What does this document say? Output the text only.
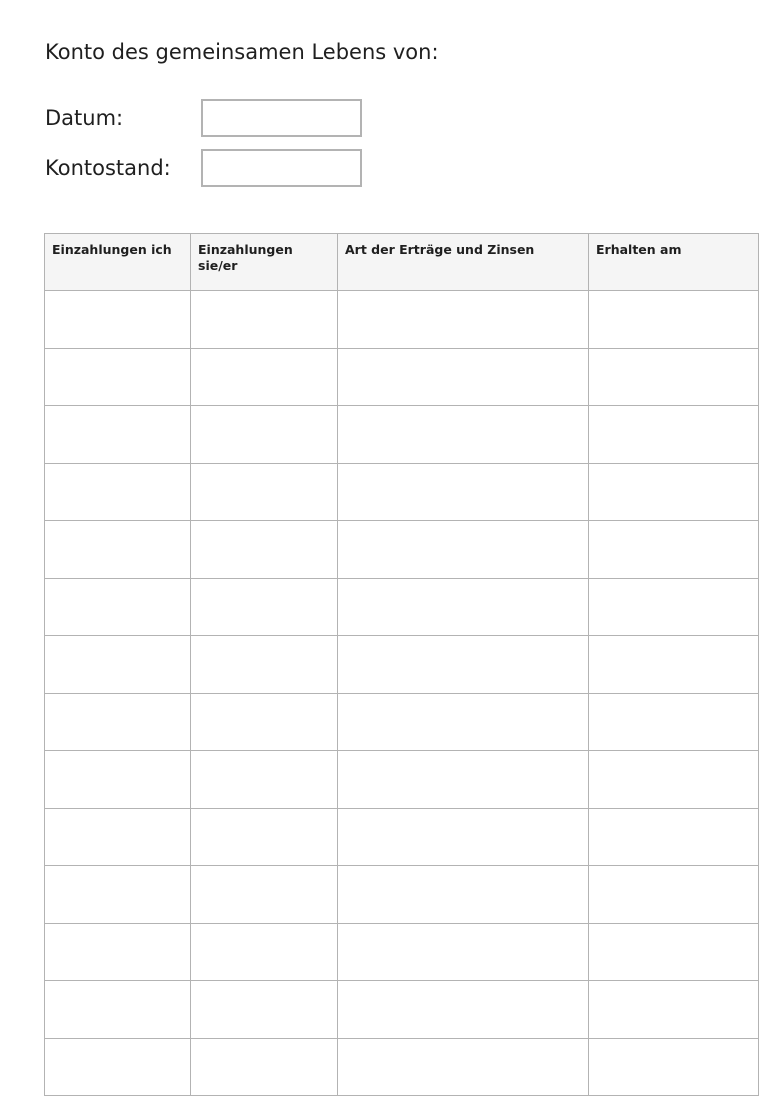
Konto des gemeinsamen Lebens von:
Datum:
Kontostand:
Einzahlungen ich	Einzahlungen sie/er	Art der Erträge und Zinsen	Erhalten am
